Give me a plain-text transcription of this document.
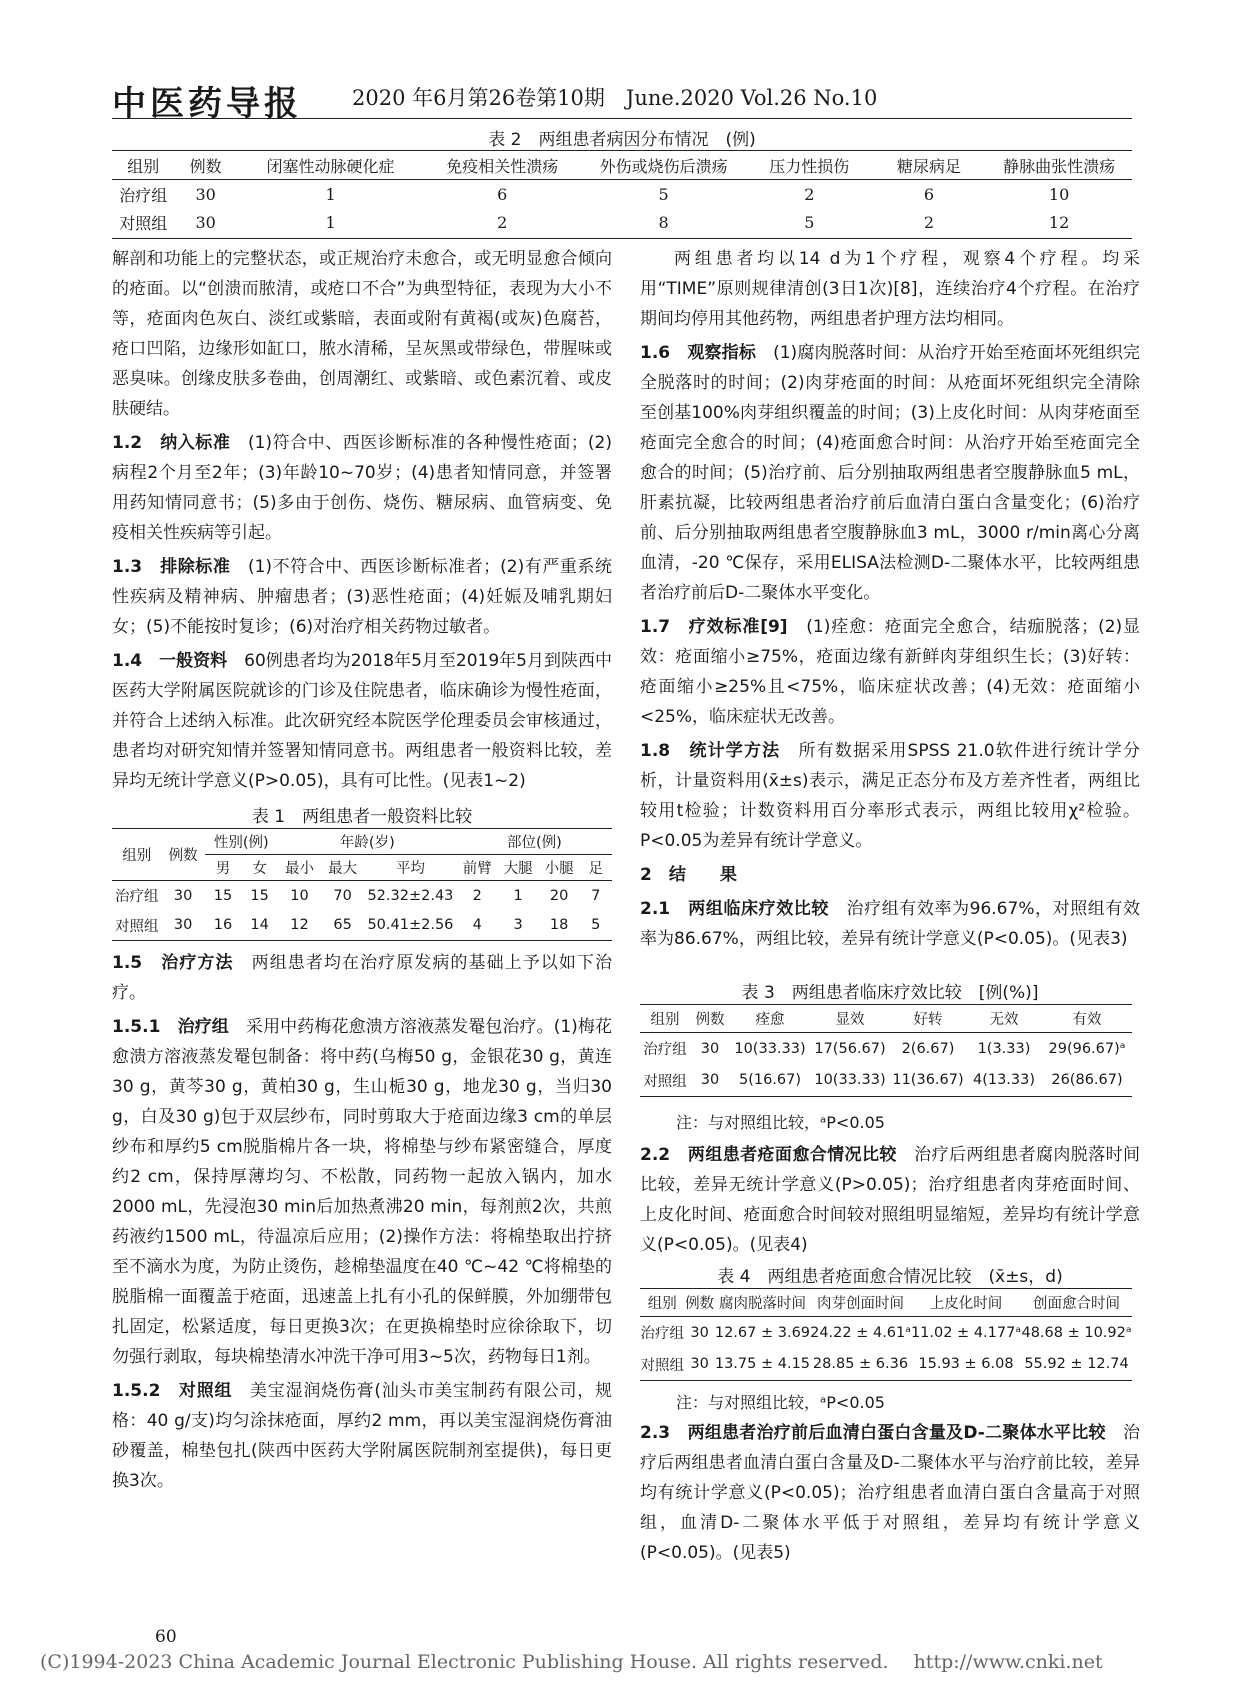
中医药导报 2020 年6月第26卷第10期　June.2020 Vol.26 No.10
表 2　两组患者病因分布情况　(例)
组别	例数	闭塞性动脉硬化症	免疫相关性溃疡	外伤或烧伤后溃疡	压力性损伤	糖尿病足	静脉曲张性溃疡
治疗组	30	1	6	5	2	6	10
对照组	30	1	2	8	5	2	12

解剖和功能上的完整状态，或正规治疗未愈合，或无明显愈合倾向的疮面。以“创溃而脓清，或疮口不合”为典型特征，表现为大小不等，疮面肉色灰白、淡红或紫暗，表面或附有黄褐(或灰)色腐苔，疮口凹陷，边缘形如缸口，脓水清稀，呈灰黑或带绿色，带腥味或恶臭味。创缘皮肤多卷曲，创周潮红、或紫暗、或色素沉着、或皮肤硬结。

1.2　纳入标准　(1)符合中、西医诊断标准的各种慢性疮面；(2)病程2个月至2年；(3)年龄10~70岁；(4)患者知情同意，并签署用药知情同意书；(5)多由于创伤、烧伤、糖尿病、血管病变、免疫相关性疾病等引起。

1.3　排除标准　(1)不符合中、西医诊断标准者；(2)有严重系统性疾病及精神病、肿瘤患者；(3)恶性疮面；(4)妊娠及哺乳期妇女；(5)不能按时复诊；(6)对治疗相关药物过敏者。

1.4　一般资料　60例患者均为2018年5月至2019年5月到陕西中医药大学附属医院就诊的门诊及住院患者，临床确诊为慢性疮面，并符合上述纳入标准。此次研究经本院医学伦理委员会审核通过，患者均对研究知情并签署知情同意书。两组患者一般资料比较，差异均无统计学意义(P>0.05)，具有可比性。(见表1~2)

表 1　两组患者一般资料比较
组别	例数	性别(例)		年龄(岁)			部位(例)			
		男	女	最小	最大	平均	前臂	大腿	小腿	足
治疗组	30	15	15	10	70	52.32±2.43	2	1	20	7
对照组	30	16	14	12	65	50.41±2.56	4	3	18	5

1.5　治疗方法　两组患者均在治疗原发病的基础上予以如下治疗。

1.5.1　治疗组　采用中药梅花愈溃方溶液蒸发罨包治疗。(1)梅花愈溃方溶液蒸发罨包制备：将中药(乌梅50 g，金银花30 g，黄连30 g，黄芩30 g，黄柏30 g，生山栀30 g，地龙30 g，当归30 g，白及30 g)包于双层纱布，同时剪取大于疮面边缘3 cm的单层纱布和厚约5 cm脱脂棉片各一块，将棉垫与纱布紧密缝合，厚度约2 cm，保持厚薄均匀、不松散，同药物一起放入锅内，加水2000 mL，先浸泡30 min后加热煮沸20 min，每剂煎2次，共煎药液约1500 mL，待温凉后应用；(2)操作方法：将棉垫取出拧挤至不滴水为度，为防止烫伤，趁棉垫温度在40 ℃~42 ℃将棉垫的脱脂棉一面覆盖于疮面，迅速盖上扎有小孔的保鲜膜，外加绷带包扎固定，松紧适度，每日更换3次；在更换棉垫时应徐徐取下，切勿强行剥取，每块棉垫清水冲洗干净可用3~5次，药物每日1剂。

1.5.2　对照组　美宝湿润烧伤膏(汕头市美宝制药有限公司，规格：40 g/支)均匀涂抹疮面，厚约2 mm，再以美宝湿润烧伤膏油砂覆盖，棉垫包扎(陕西中医药大学附属医院制剂室提供)，每日更换3次。

两组患者均以14 d为1个疗程，观察4个疗程。均采用“TIME”原则规律清创(3日1次)[8]，连续治疗4个疗程。在治疗期间均停用其他药物，两组患者护理方法均相同。

1.6　观察指标　(1)腐肉脱落时间：从治疗开始至疮面坏死组织完全脱落时的时间；(2)肉芽疮面的时间：从疮面坏死组织完全清除至创基100%肉芽组织覆盖的时间；(3)上皮化时间：从肉芽疮面至疮面完全愈合的时间；(4)疮面愈合时间：从治疗开始至疮面完全愈合的时间；(5)治疗前、后分别抽取两组患者空腹静脉血5 mL，肝素抗凝，比较两组患者治疗前后血清白蛋白含量变化；(6)治疗前、后分别抽取两组患者空腹静脉血3 mL，3000 r/min离心分离血清，-20 ℃保存，采用ELISA法检测D-二聚体水平，比较两组患者治疗前后D-二聚体水平变化。

1.7　疗效标准[9]　(1)痊愈：疮面完全愈合，结痂脱落；(2)显效：疮面缩小≥75%，疮面边缘有新鲜肉芽组织生长；(3)好转：疮面缩小≥25%且<75%，临床症状改善；(4)无效：疮面缩小<25%，临床症状无改善。

1.8　统计学方法　所有数据采用SPSS 21.0软件进行统计学分析，计量资料用(x̄±s)表示，满足正态分布及方差齐性者，两组比较用t检验；计数资料用百分率形式表示，两组比较用χ²检验。P<0.05为差异有统计学意义。

2　结　　果

2.1　两组临床疗效比较　治疗组有效率为96.67%，对照组有效率为86.67%，两组比较，差异有统计学意义(P<0.05)。(见表3)

表 3　两组患者临床疗效比较　[例(%)]
组别	例数	痊愈	显效	好转	无效	有效
治疗组	30	10(33.33)	17(56.67)	2(6.67)	1(3.33)	29(96.67)ᵃ
对照组	30	5(16.67)	10(33.33)	11(36.67)	4(13.33)	26(86.67)
注：与对照组比较，ᵃP<0.05

2.2　两组患者疮面愈合情况比较　治疗后两组患者腐肉脱落时间比较，差异无统计学意义(P>0.05)；治疗组患者肉芽疮面时间、上皮化时间、疮面愈合时间较对照组明显缩短，差异均有统计学意义(P<0.05)。(见表4)

表 4　两组患者疮面愈合情况比较　(x̄±s，d)
组别	例数	腐肉脱落时间	肉芽创面时间	上皮化时间	创面愈合时间
治疗组	30	12.67 ± 3.69	24.22 ± 4.61ᵃ	11.02 ± 4.177ᵃ	48.68 ± 10.92ᵃ
对照组	30	13.75 ± 4.15	28.85 ± 6.36	15.93 ± 6.08	55.92 ± 12.74
注：与对照组比较，ᵃP<0.05

2.3　两组患者治疗前后血清白蛋白含量及D-二聚体水平比较　治疗后两组患者血清白蛋白含量及D-二聚体水平与治疗前比较，差异均有统计学意义(P<0.05)；治疗组患者血清白蛋白含量高于对照组，血清D-二聚体水平低于对照组，差异均有统计学意义(P<0.05)。(见表5)

60
(C)1994-2023 China Academic Journal Electronic Publishing House. All rights reserved.　 http://www.cnki.net
